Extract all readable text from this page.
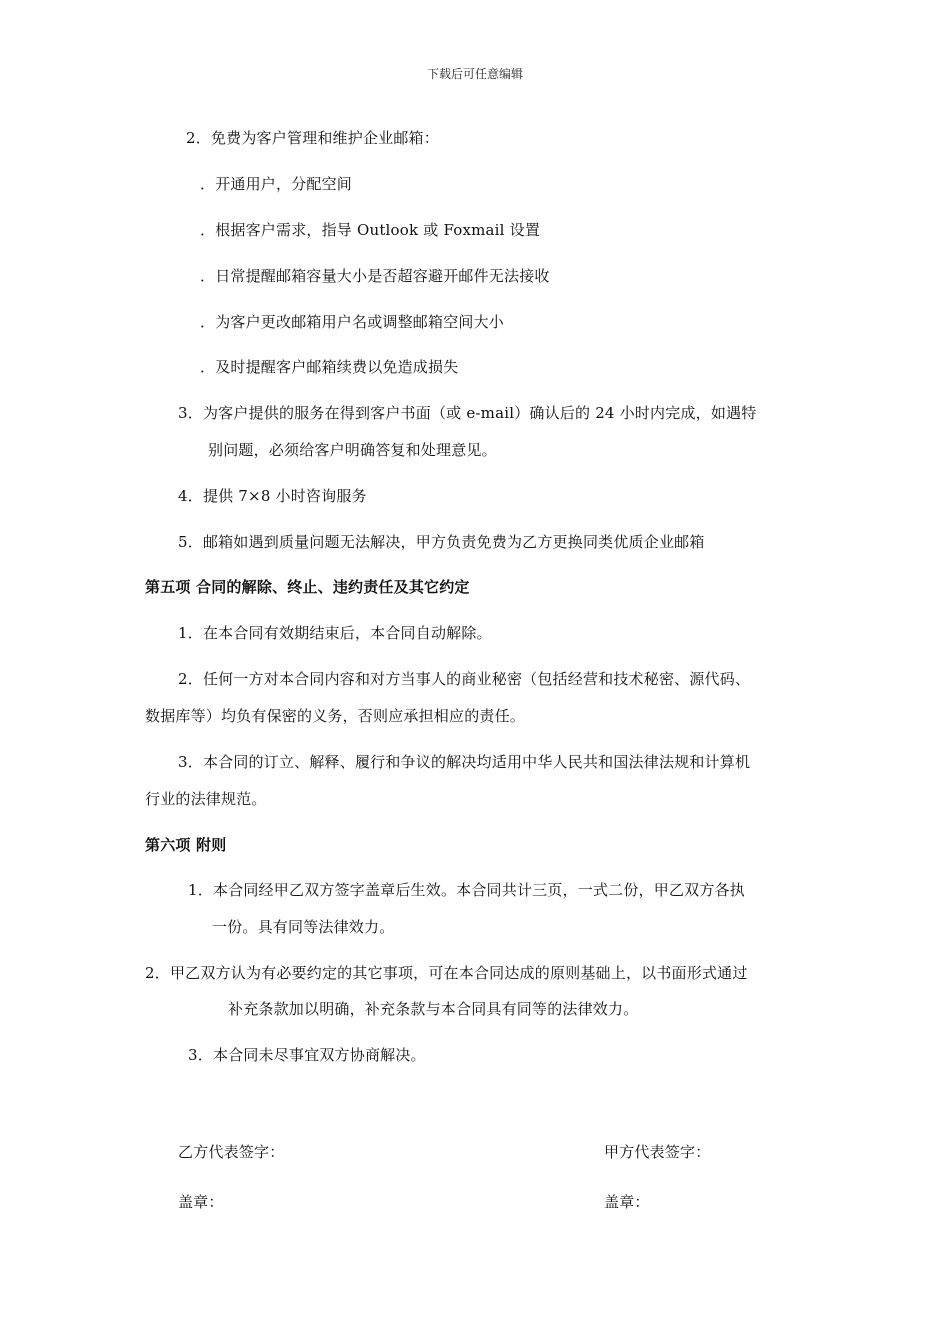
下载后可任意编辑
2．免费为客户管理和维护企业邮箱：
．开通用户，分配空间
．根据客户需求，指导 Outlook 或 Foxmail 设置
．日常提醒邮箱容量大小是否超容避开邮件无法接收
．为客户更改邮箱用户名或调整邮箱空间大小
．及时提醒客户邮箱续费以免造成损失
3．为客户提供的服务在得到客户书面（或 e-mail）确认后的 24 小时内完成，如遇特
别问题，必须给客户明确答复和处理意见。
4．提供 7×8 小时咨询服务
5．邮箱如遇到质量问题无法解决，甲方负责免费为乙方更换同类优质企业邮箱
第五项 合同的解除、终止、违约责任及其它约定
1．在本合同有效期结束后，本合同自动解除。
2．任何一方对本合同内容和对方当事人的商业秘密（包括经营和技术秘密、源代码、
数据库等）均负有保密的义务，否则应承担相应的责任。
3．本合同的订立、解释、履行和争议的解决均适用中华人民共和国法律法规和计算机
行业的法律规范。
第六项 附则
1．本合同经甲乙双方签字盖章后生效。本合同共计三页，一式二份，甲乙双方各执
一份。具有同等法律效力。
2．甲乙双方认为有必要约定的其它事项，可在本合同达成的原则基础上，以书面形式通过
补充条款加以明确，补充条款与本合同具有同等的法律效力。
3．本合同未尽事宜双方协商解决。
乙方代表签字：	甲方代表签字：
盖章：	盖章：
